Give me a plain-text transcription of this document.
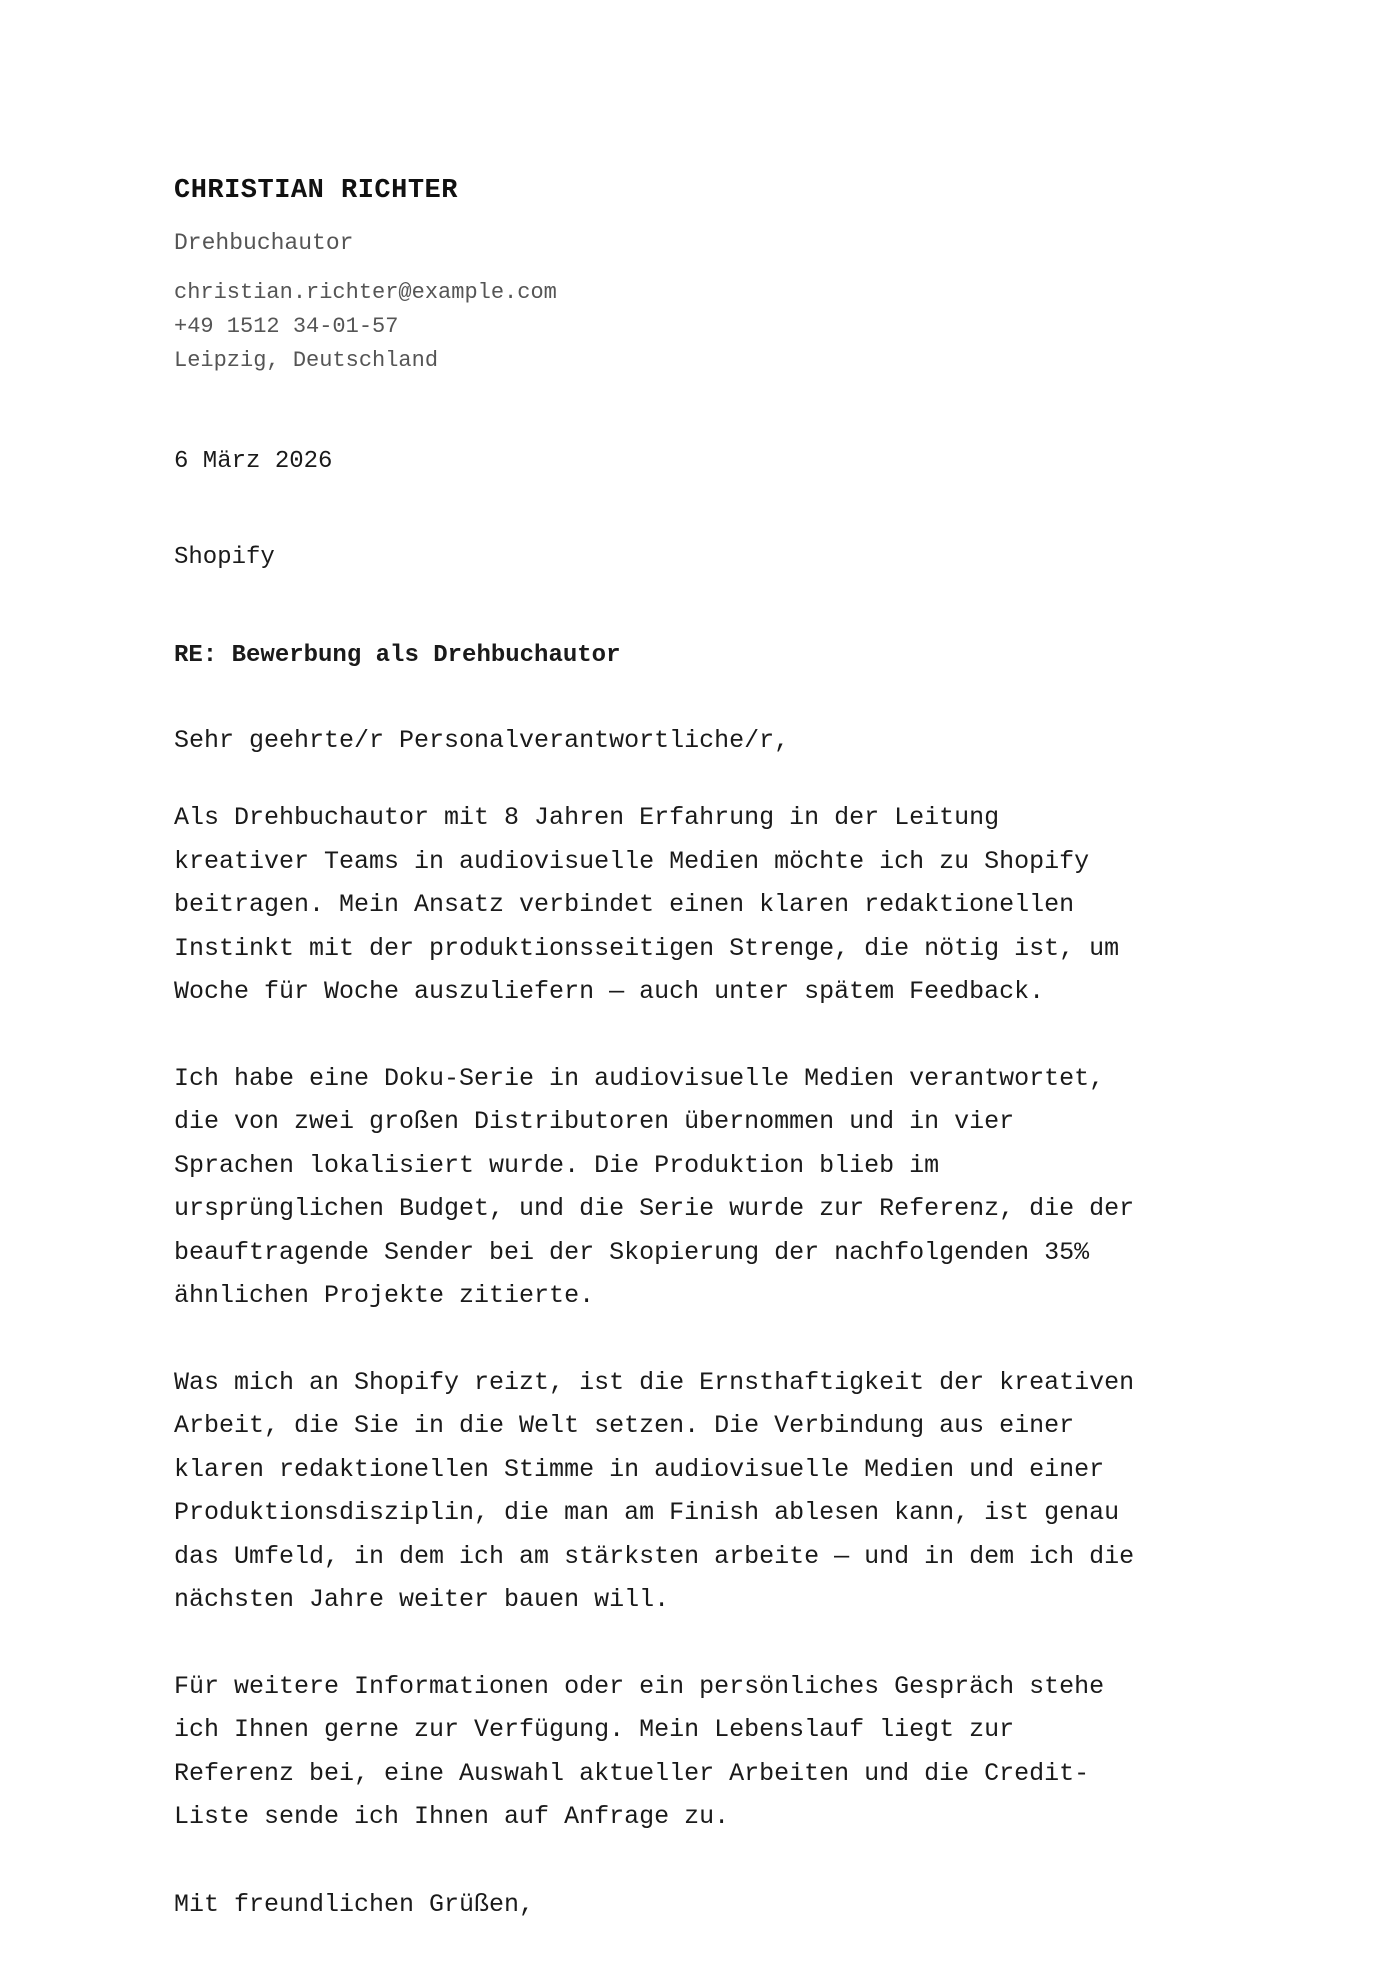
CHRISTIAN RICHTER
Drehbuchautor
christian.richter@example.com
+49 1512 34-01-57
Leipzig, Deutschland
6 März 2026
Shopify
RE: Bewerbung als Drehbuchautor
Sehr geehrte/r Personalverantwortliche/r,

Als Drehbuchautor mit 8 Jahren Erfahrung in der Leitung
kreativer Teams in audiovisuelle Medien möchte ich zu Shopify
beitragen. Mein Ansatz verbindet einen klaren redaktionellen
Instinkt mit der produktionsseitigen Strenge, die nötig ist, um
Woche für Woche auszuliefern — auch unter spätem Feedback.

Ich habe eine Doku-Serie in audiovisuelle Medien verantwortet,
die von zwei großen Distributoren übernommen und in vier
Sprachen lokalisiert wurde. Die Produktion blieb im
ursprünglichen Budget, und die Serie wurde zur Referenz, die der
beauftragende Sender bei der Skopierung der nachfolgenden 35%
ähnlichen Projekte zitierte.

Was mich an Shopify reizt, ist die Ernsthaftigkeit der kreativen
Arbeit, die Sie in die Welt setzen. Die Verbindung aus einer
klaren redaktionellen Stimme in audiovisuelle Medien und einer
Produktionsdisziplin, die man am Finish ablesen kann, ist genau
das Umfeld, in dem ich am stärksten arbeite — und in dem ich die
nächsten Jahre weiter bauen will.

Für weitere Informationen oder ein persönliches Gespräch stehe
ich Ihnen gerne zur Verfügung. Mein Lebenslauf liegt zur
Referenz bei, eine Auswahl aktueller Arbeiten und die Credit-
Liste sende ich Ihnen auf Anfrage zu.

Mit freundlichen Grüßen,
